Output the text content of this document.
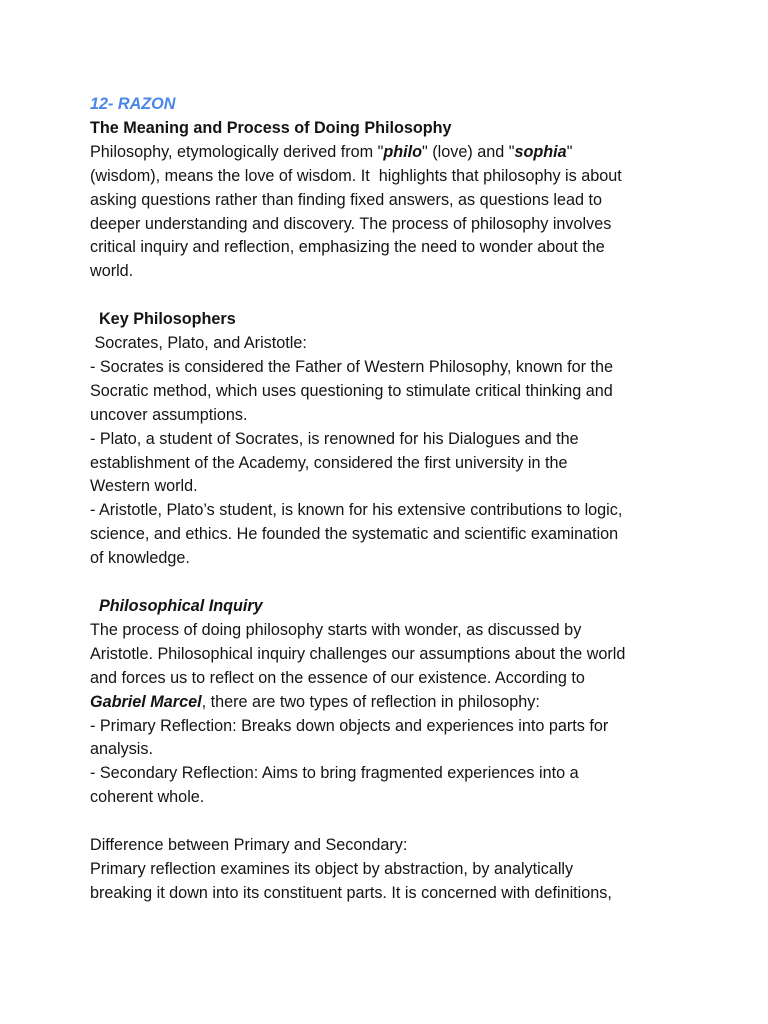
12- RAZON
The Meaning and Process of Doing Philosophy
Philosophy, etymologically derived from "philo" (love) and "sophia"
(wisdom), means the love of wisdom. It  highlights that philosophy is about
asking questions rather than finding fixed answers, as questions lead to
deeper understanding and discovery. The process of philosophy involves
critical inquiry and reflection, emphasizing the need to wonder about the
world.
Key Philosophers
Socrates, Plato, and Aristotle:
- Socrates is considered the Father of Western Philosophy, known for the
Socratic method, which uses questioning to stimulate critical thinking and
uncover assumptions.
- Plato, a student of Socrates, is renowned for his Dialogues and the
establishment of the Academy, considered the first university in the
Western world.
- Aristotle, Plato’s student, is known for his extensive contributions to logic,
science, and ethics. He founded the systematic and scientific examination
of knowledge.
Philosophical Inquiry
The process of doing philosophy starts with wonder, as discussed by
Aristotle. Philosophical inquiry challenges our assumptions about the world
and forces us to reflect on the essence of our existence. According to
Gabriel Marcel, there are two types of reflection in philosophy:
- Primary Reflection: Breaks down objects and experiences into parts for
analysis.
- Secondary Reflection: Aims to bring fragmented experiences into a
coherent whole.
Difference between Primary and Secondary:
Primary reflection examines its object by abstraction, by analytically
breaking it down into its constituent parts. It is concerned with definitions,
